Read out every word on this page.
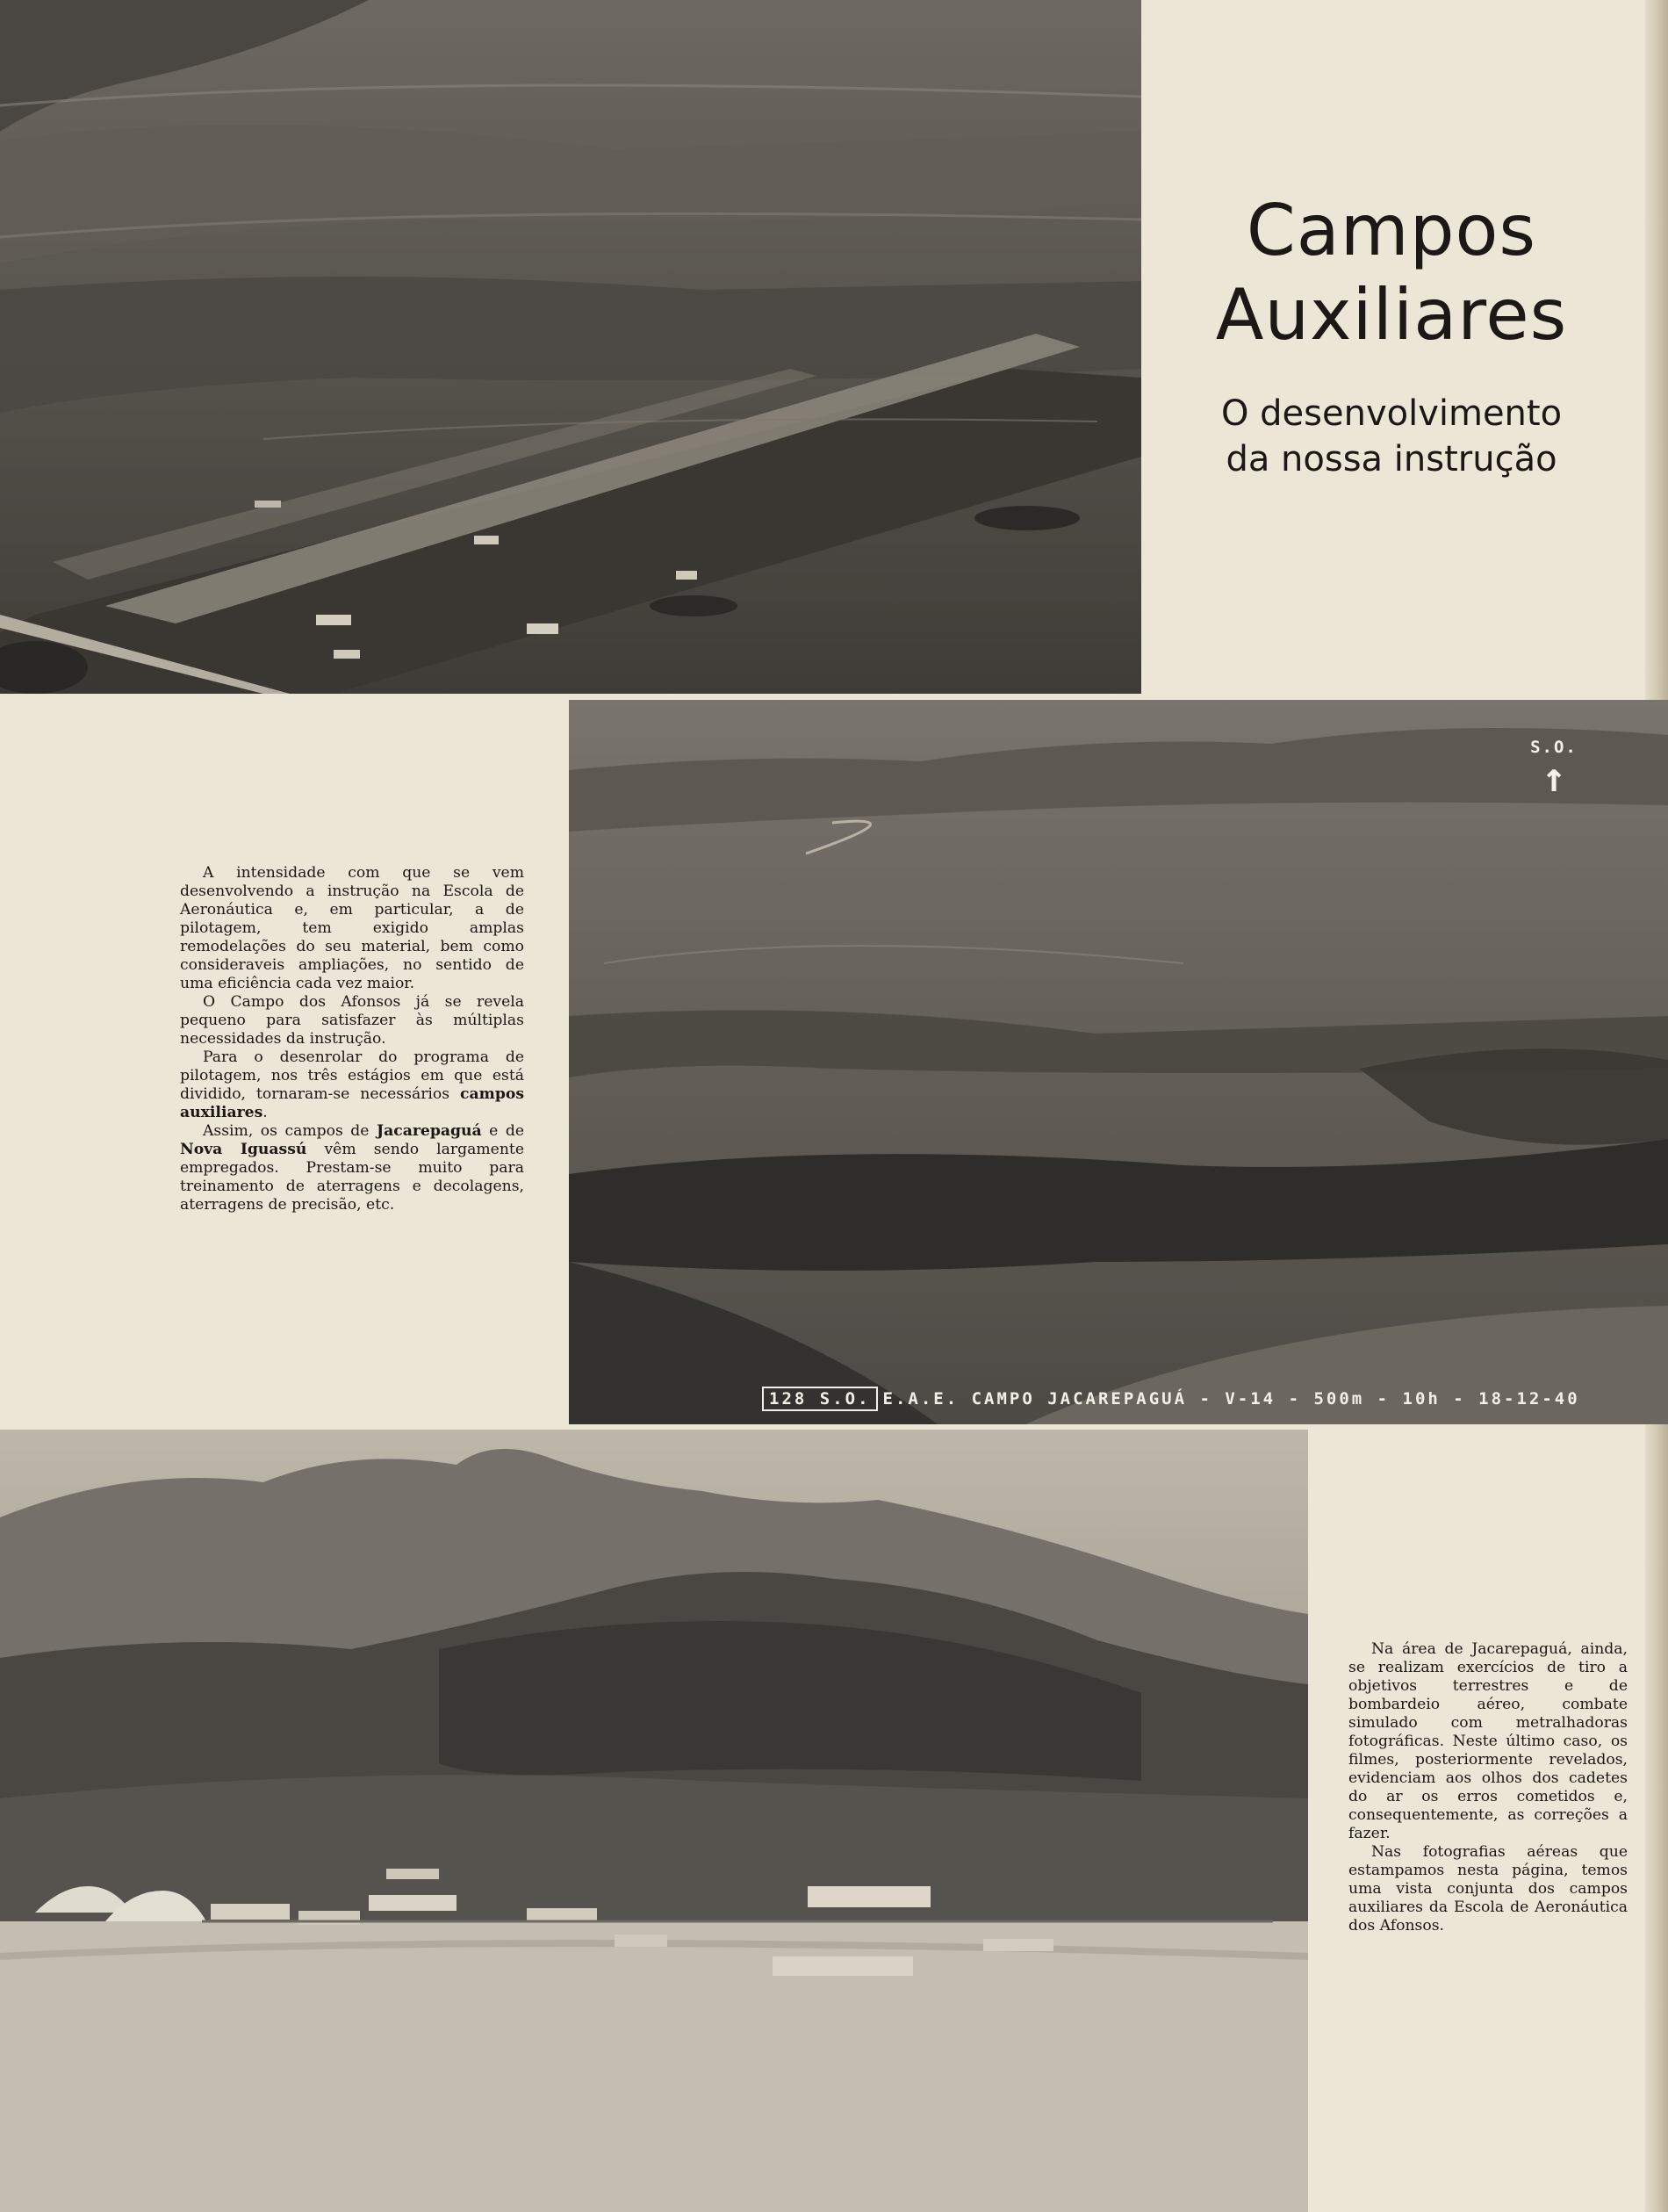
Campos
Auxiliares

O desenvolvimento

da nossa instrução

A intensidade com que se vem desenvolvendo a instrução na Escola de Aeronáutica e, em particular, a de pilotagem, tem exigido amplas remodelações do seu material, bem como consideraveis ampliações, no sentido de uma eficiência cada vez maior.

O Campo dos Afonsos já se revela pequeno para satisfazer às múltiplas necessidades da instrução.

Para o desenrolar do programa de pilotagem, nos três estágios em que está dividido, tornaram-se necessários campos auxiliares.

Assim, os campos de Jacarepaguá e de Nova Iguassú vêm sendo largamente empregados. Prestam-se muito para treinamento de aterragens e decolagens, aterragens de precisão, etc.

S.O.
↑
128 S.O. E.A.E. CAMPO JACAREPAGUÁ - V-14 - 500m - 10h - 18-12-40

Na área de Jacarepaguá, ainda, se realizam exercícios de tiro a objetivos terrestres e de bombardeio aéreo, combate simulado com metralhadoras fotográficas. Neste último caso, os filmes, posteriormente revelados, evidenciam aos olhos dos cadetes do ar os erros cometidos e, consequentemente, as correções a fazer.

Nas fotografias aéreas que estampamos nesta página, temos uma vista conjunta dos campos auxiliares da Escola de Aeronáutica dos Afonsos.
